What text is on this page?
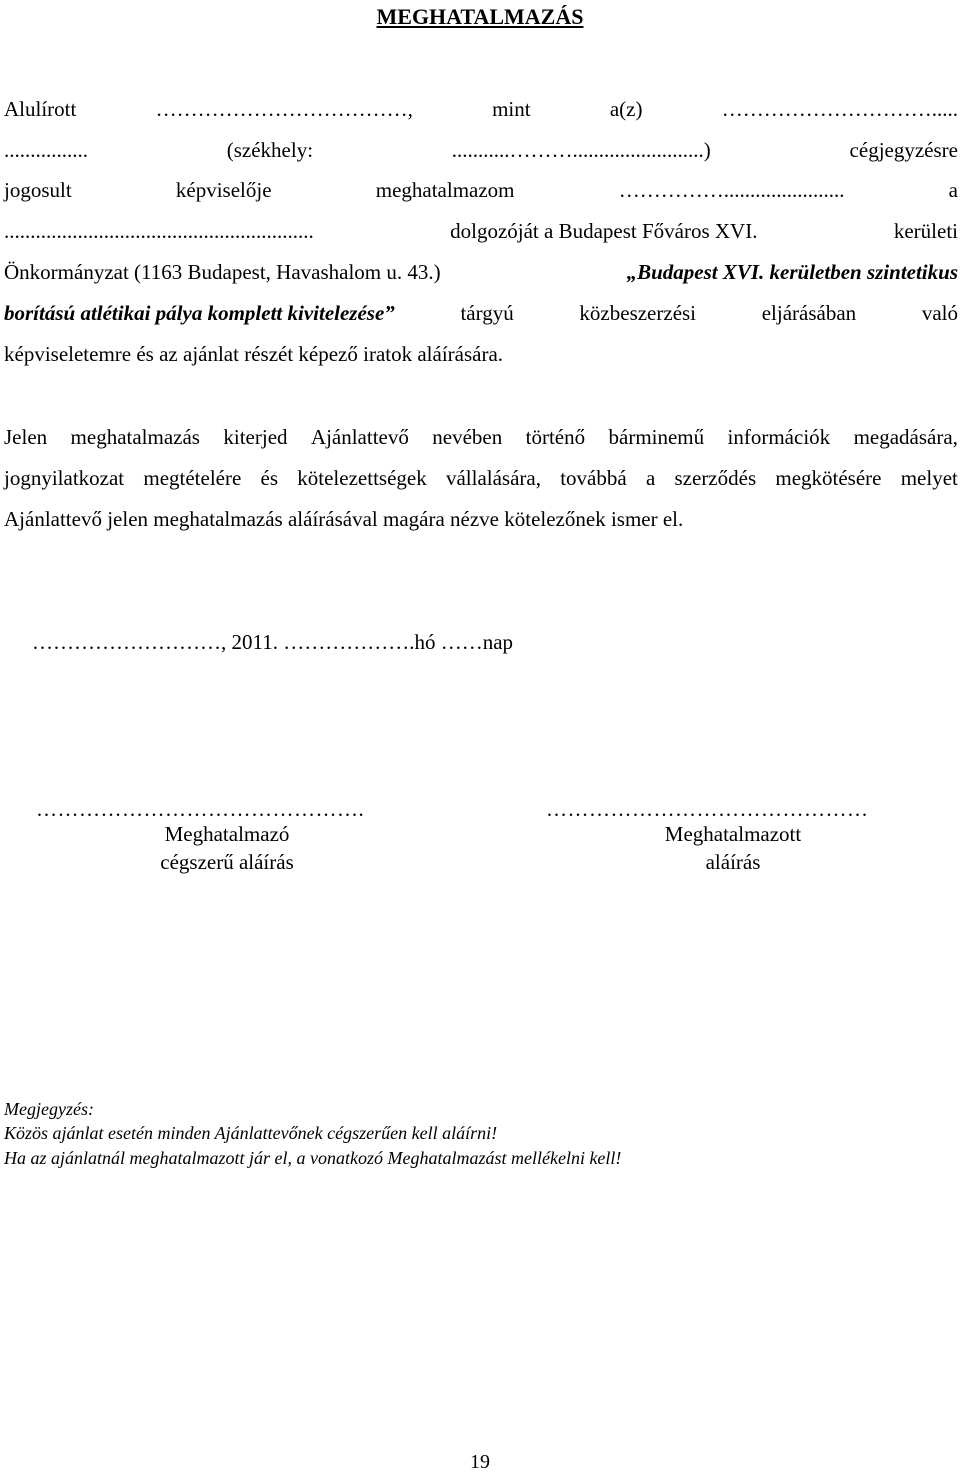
MEGHATALMAZÁS
Alulírott	………………………………,	mint	a(z)	………………………….....
................	(székhely:	...........……….........................)	cégjegyzésre
jogosult	képviselője	meghatalmazom	…………….......................	a
...........................................................	dolgozóját a Budapest Főváros XVI.	kerületi
Önkormányzat (1163 Budapest, Havashalom u. 43.)	„Budapest XVI. kerületben szintetikus
borítású atlétikai pálya komplett kivitelezése”	tárgyú	közbeszerzési	eljárásában	való
képviseletemre és az ajánlat részét képező iratok aláírására.
Jelen meghatalmazás kiterjed Ajánlattevő nevében történő bárminemű információk megadására,
jognyilatkozat megtételére és kötelezettségek vállalására, továbbá a szerződés megkötésére melyet
Ajánlattevő jelen meghatalmazás aláírásával magára nézve kötelezőnek ismer el.
………………………, 2011. ……………….hó ……nap
……………………………………….
Meghatalmazó
cégszerű aláírás
………………………………………
Meghatalmazott
aláírás
Megjegyzés:
Közös ajánlat esetén minden Ajánlattevőnek cégszerűen kell aláírni!
Ha az ajánlatnál meghatalmazott jár el, a vonatkozó Meghatalmazást mellékelni kell!
19
